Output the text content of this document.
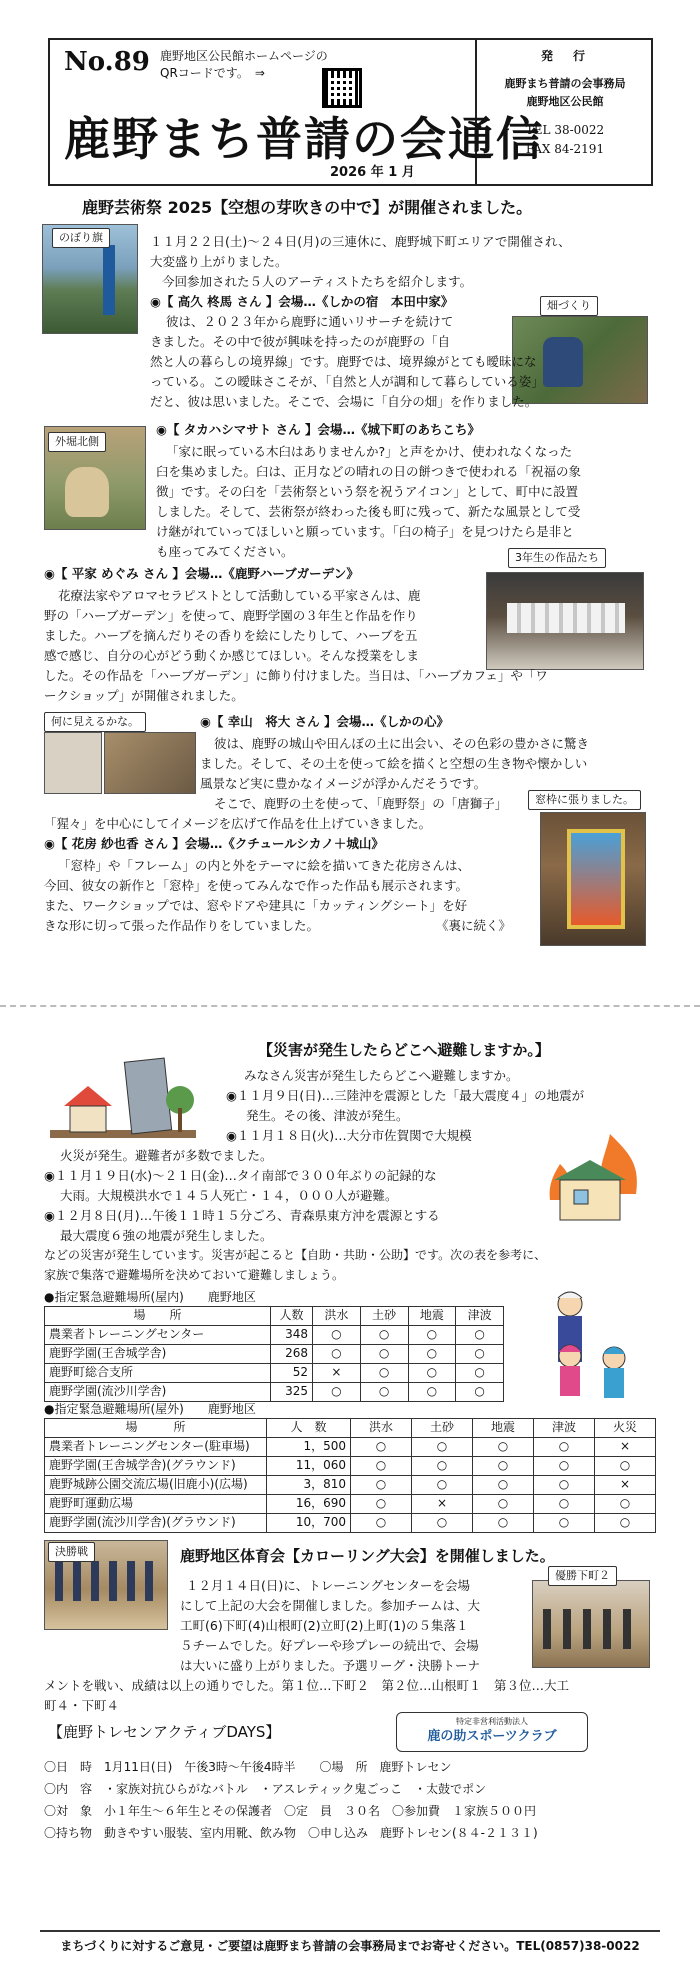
No.89 鹿野地区公民館ホームページの
QRコードです。　⇒
鹿野まち普請の会通信
2026 年 1 月
発　行
鹿野まち普請の会事務局
鹿野地区公民館
TEL 38-0022
FAX 84-2191
鹿野芸術祭 2025【空想の芽吹きの中で】が開催されました。
のぼり旗
畑づくり
外堀北側
3年生の作品たち
何に見えるかな。
窓枠に張りました。
１１月２２日(土)～２４日(月)の三連休に、鹿野城下町エリアで開催され、
大変盛り上がりました。
今回参加された５人のアーティストたちを紹介します。
◉【 高久 柊馬 さん 】会場…《しかの宿　本田中家》
彼は、２０２３年から鹿野に通いリサーチを続けて
きました。その中で彼が興味を持ったのが鹿野の「自
然と人の暮らしの境界線」です。鹿野では、境界線がとても曖昧にな
っている。この曖昧さこそが、「自然と人が調和して暮らしている姿」
だと、彼は思いました。そこで、会場に「自分の畑」を作りました。
◉【 タカハシマサト さん 】会場…《城下町のあちこち》
「家に眠っている木臼はありませんか?」と声をかけ、使われなくなった
臼を集めました。臼は、正月などの晴れの日の餅つきで使われる「祝福の象
徴」です。その臼を「芸術祭という祭を祝うアイコン」として、町中に設置
しました。そして、芸術祭が終わった後も町に残って、新たな風景として受
け継がれていってほしいと願っています。「臼の椅子」を見つけたら是非と
も座ってみてください。
◉【 平家 めぐみ さん 】会場…《鹿野ハーブガーデン》
花療法家やアロマセラピストとして活動している平家さんは、鹿
野の「ハーブガーデン」を使って、鹿野学園の３年生と作品を作り
ました。ハーブを摘んだりその香りを絵にしたりして、ハーブを五
感で感じ、自分の心がどう動くか感じてほしい。そんな授業をしま
した。その作品を「ハーブガーデン」に飾り付けました。当日は、「ハーブカフェ」や「ワ
ークショップ」が開催されました。
◉【 幸山　将大 さん 】会場…《しかの心》
彼は、鹿野の城山や田んぼの土に出会い、その色彩の豊かさに驚き
ました。そして、その土を使って絵を描くと空想の生き物や懐かしい
風景など実に豊かなイメージが浮かんだそうです。
そこで、鹿野の土を使って、「鹿野祭」の「唐獅子」
「猩々」を中心にしてイメージを広げて作品を仕上げていきました。
◉【 花房 紗也香 さん 】会場…《クチュールシカノ＋城山》
「窓枠」や「フレーム」の内と外をテーマに絵を描いてきた花房さんは、
今回、彼女の新作と「窓枠」を使ってみんなで作った作品も展示されます。
また、ワークショップでは、窓やドアや建具に「カッティングシート」を好
きな形に切って張った作品作りをしていました。	《裏に続く》
【災害が発生したらどこへ避難しますか。】
みなさん災害が発生したらどこへ避難しますか。
◉１１月９日(日)…三陸沖を震源とした「最大震度４」の地震が
発生。その後、津波が発生。
◉１１月１８日(火)…大分市佐賀関で大規模
火災が発生。避難者が多数でました。
◉１１月１９日(水)～２１日(金)…タイ南部で３００年ぶりの記録的な
大雨。大規模洪水で１４５人死亡・１４，０００人が避難。
◉１２月８日(月)…午後１１時１５分ごろ、青森県東方沖を震源とする
最大震度６強の地震が発生しました。
などの災害が発生しています。災害が起こると【自助・共助・公助】です。次の表を参考に、
家族で集落で避難場所を決めておいて避難しましょう。
●指定緊急避難場所(屋内)　　鹿野地区
場　　所	人数	洪水	土砂	地震	津波
農業者トレーニングセンター	348	○	○	○	○
鹿野学園(王舎城学舎)	268	○	○	○	○
鹿野町総合支所	52	×	○	○	○
鹿野学園(流沙川学舎)	325	○	○	○	○
●指定緊急避難場所(屋外)　　鹿野地区
場　　　所	人　数	洪水	土砂	地震	津波	火災
農業者トレーニングセンター(駐車場)	1，500	○	○	○	○	×
鹿野学園(王舎城学舎)(グラウンド)	11，060	○	○	○	○	○
鹿野城跡公園交流広場(旧鹿小)(広場)	3，810	○	○	○	○	×
鹿野町運動広場	16，690	○	×	○	○	○
鹿野学園(流沙川学舎)(グラウンド)	10，700	○	○	○	○	○
決勝戦
優勝下町２
鹿野地区体育会【カローリング大会】を開催しました。
１２月１４日(日)に、トレーニングセンターを会場
にして上記の大会を開催しました。参加チームは、大
工町(6)下町(4)山根町(2)立町(2)上町(1)の５集落１
５チームでした。好プレーや珍プレーの続出で、会場
は大いに盛り上がりました。予選リーグ・決勝トーナ
メントを戦い、成績は以上の通りでした。第１位…下町２　第２位…山根町１　第３位…大工
町４・下町４
【鹿野トレセンアクティブDAYS】
特定非営利活動法人
鹿の助スポーツクラブ
〇日　時　1月11日(日)　午後3時～午後4時半　　〇場　所　鹿野トレセン
〇内　容　・家族対抗ひらがなバトル　・アスレティック鬼ごっこ　・太鼓でポン
〇対　象　小１年生～６年生とその保護者　〇定　員　３０名　〇参加費　１家族５００円
〇持ち物　動きやすい服装、室内用靴、飲み物　〇申し込み　鹿野トレセン(８４-２１３１)
まちづくりに対するご意見・ご要望は鹿野まち普請の会事務局までお寄せください。TEL(0857)38-0022
